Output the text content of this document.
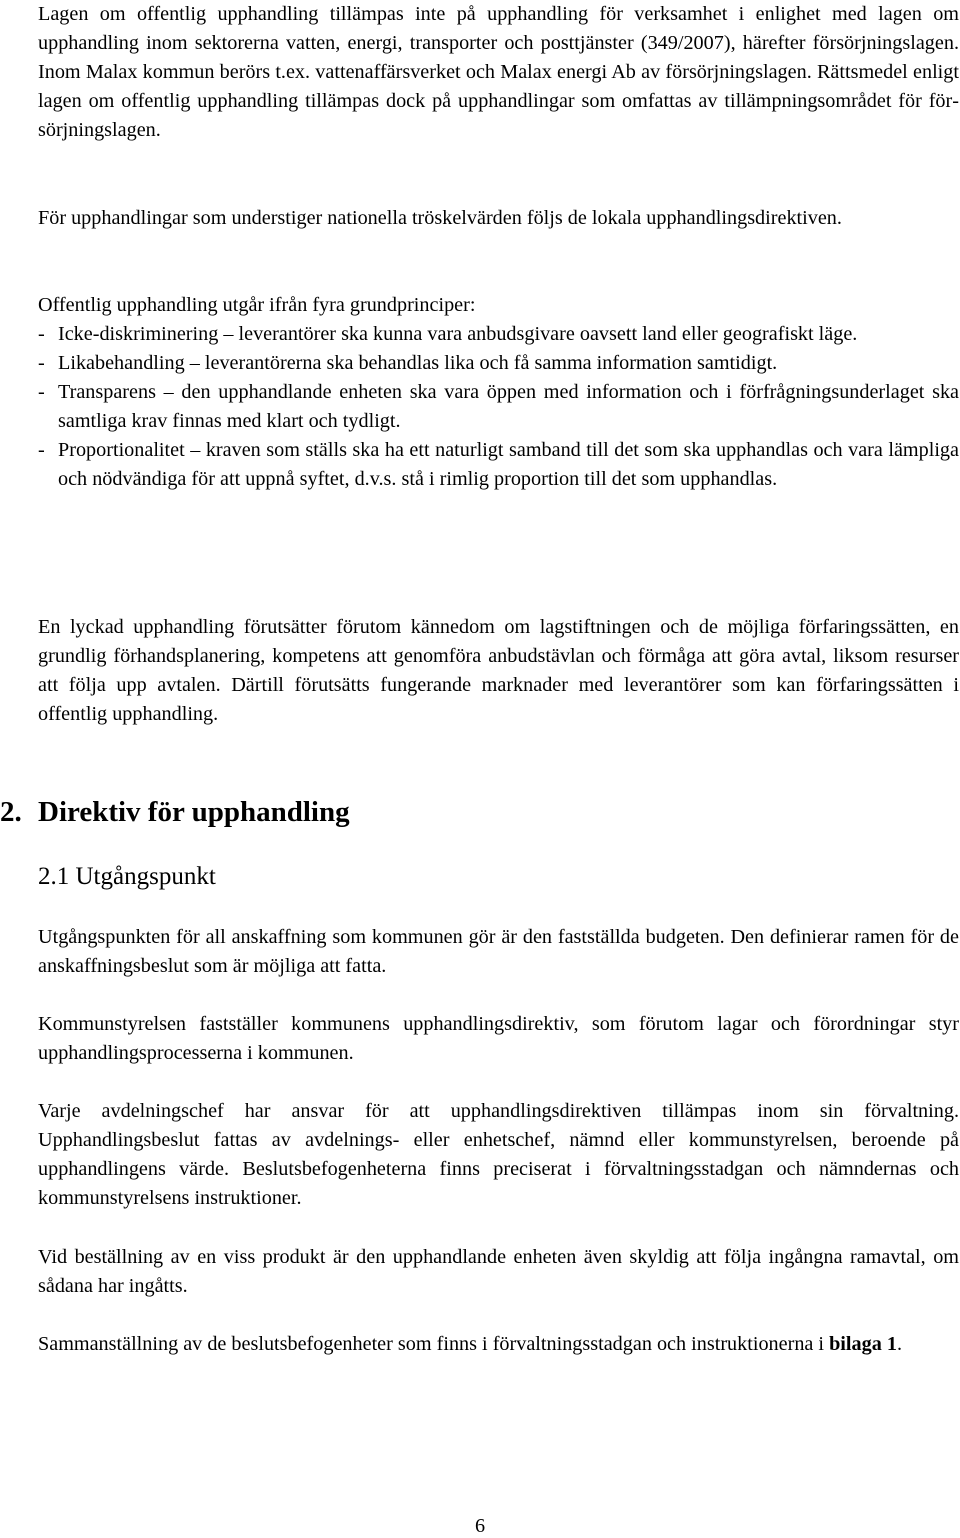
Lagen om offentlig upphandling tillämpas inte på upphandling för verksamhet i enlighet med lagen om upphandling inom sektorerna vatten, energi, transporter och posttjänster (349/2007), härefter försörjningslagen. Inom Malax kommun berörs t.ex. vattenaffärsverket och Malax energi Ab av försörjningslagen. Rättsmedel enligt lagen om offentlig upphandling tillämpas dock på upphandlingar som omfattas av tillämpningsområdet för försörjningslagen.

För upphandlingar som understiger nationella tröskelvärden följs de lokala upphandlingsdirektiven.

Offentlig upphandling utgår ifrån fyra grundprinciper:

- Icke-diskriminering – leverantörer ska kunna vara anbudsgivare oavsett land eller geografiskt läge.
- Likabehandling – leverantörerna ska behandlas lika och få samma information samtidigt.
- Transparens – den upphandlande enheten ska vara öppen med information och i förfrågningsunderlaget ska samtliga krav finnas med klart och tydligt.
- Proportionalitet – kraven som ställs ska ha ett naturligt samband till det som ska upphandlas och vara lämpliga och nödvändiga för att uppnå syftet, d.v.s. stå i rimlig proportion till det som upphandlas.

En lyckad upphandling förutsätter förutom kännedom om lagstiftningen och de möjliga förfaringssätten, en grundlig förhandsplanering, kompetens att genomföra anbudstävlan och förmåga att göra avtal, liksom resurser att följa upp avtalen. Därtill förutsätts fungerande marknader med leverantörer som kan förfaringssätten i offentlig upphandling.

2. Direktiv för upphandling
2.1 Utgångspunkt

Utgångspunkten för all anskaffning som kommunen gör är den fastställda budgeten. Den definierar ramen för de anskaffningsbeslut som är möjliga att fatta.

Kommunstyrelsen fastställer kommunens upphandlingsdirektiv, som förutom lagar och förordningar styr upphandlingsprocesserna i kommunen.

Varje avdelningschef har ansvar för att upphandlingsdirektiven tillämpas inom sin förvaltning. Upphandlingsbeslut fattas av avdelnings- eller enhetschef, nämnd eller kommunstyrelsen, beroende på upphandlingens värde. Beslutsbefogenheterna finns preciserat i förvaltningsstadgan och nämndernas och kommunstyrelsens instruktioner.

Vid beställning av en viss produkt är den upphandlande enheten även skyldig att följa ingångna ramavtal, om sådana har ingåtts.

Sammanställning av de beslutsbefogenheter som finns i förvaltningsstadgan och instruktionerna i bilaga 1.

6
